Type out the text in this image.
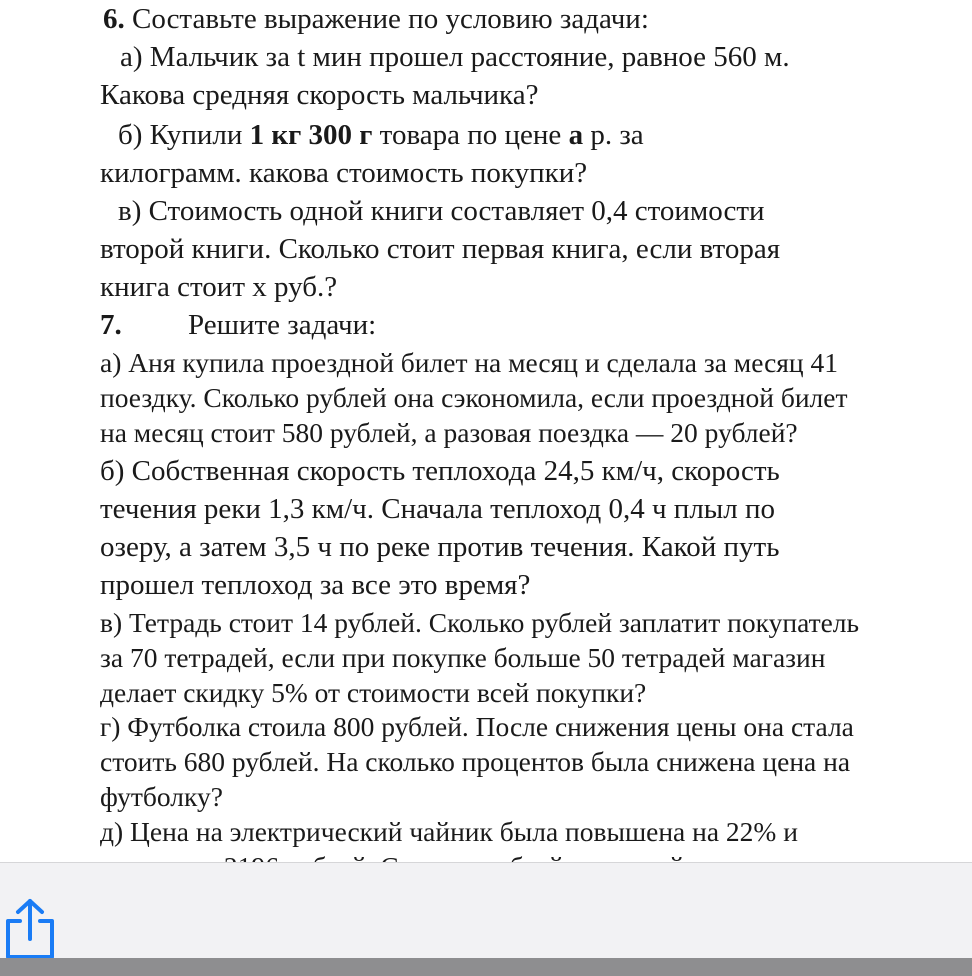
6. Составьте выражение по условию задачи:
а) Мальчик за t мин прошел расстояние, равное 560 м.
Какова средняя скорость мальчика?
б) Купили 1 кг 300 г товара по цене а р. за
килограмм. какова стоимость покупки?
в) Стоимость одной книги составляет 0,4 стоимости
второй книги. Сколько стоит первая книга, если вторая
книга стоит х руб.?
7. Решите задачи:
а) Аня купила проездной билет на месяц и сделала за месяц 41
поездку. Сколько рублей она сэкономила, если проездной билет
на месяц стоит 580 рублей, а разовая поездка — 20 рублей?
б) Собственная скорость теплохода 24,5 км/ч, скорость
течения реки 1,3 км/ч. Сначала теплоход 0,4 ч плыл по
озеру, а затем 3,5 ч по реке против течения. Какой путь
прошел теплоход за все это время?
в) Тетрадь стоит 14 рублей. Сколько рублей заплатит покупатель
за 70 тетрадей, если при покупке больше 50 тетрадей магазин
делает скидку 5% от стоимости всей покупки?
г) Футболка стоила 800 рублей. После снижения цены она стала
стоить 680 рублей. На сколько процентов была снижена цена на
футболку?
д) Цена на электрический чайник была повышена на 22% и
